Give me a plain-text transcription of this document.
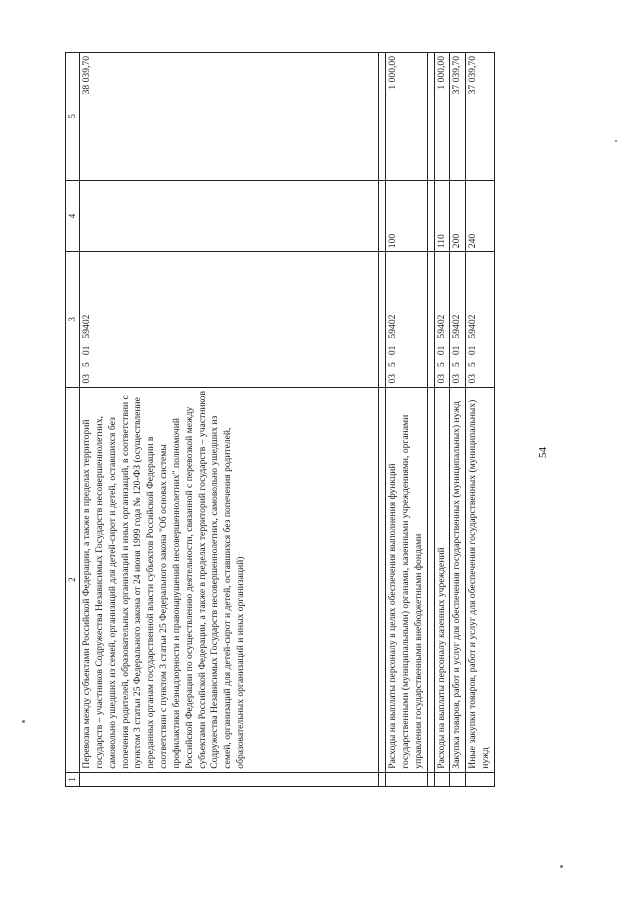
54
1	2	3	4	5
	Перевозка между субъектами Российской Федерации, а также в пределах территорий государств – участников Содружества Независимых Государств несовершеннолетних, самовольно ушедших из семей, организаций для детей-сирот и детей, оставшихся без попечения родителей, образовательных организаций и иных организаций, в соответствии с пунктом 3 статьи 25 Федерального закона от 24 июня 1999 года № 120-ФЗ (осуществление переданных органам государственной власти субъектов Российской Федерации в соответствии с пунктом 3 статьи 25 Федерального закона "Об основах системы профилактики безнадзорности и правонарушений несовершеннолетних" полномочий Российской Федерации по осуществлению деятельности, связанной с перевозкой между субъектами Российской Федерации, а также в пределах территорий государств – участников Содружества Независимых Государств несовершеннолетних, самовольно ушедших из семей, организаций для детей-сирот и детей, оставшихся без попечения родителей, образовательных организаций и иных организаций)	0350159402		38 039,70

	Расходы на выплаты персоналу в целях обеспечения выполнения функций государственными (муниципальными) органами, казенными учреждениями, органами управления государственными внебюджетными фондами	0350159402	100	1 000,00

	Расходы на выплаты персоналу казенных учреждений	0350159402	110	1 000,00
	Закупка товаров, работ и услуг для обеспечения государственных (муниципальных) нужд	0350159402	200	37 039,70
	Иные закупки товаров, работ и услуг для обеспечения государственных (муниципальных) нужд	0350159402	240	37 039,70
